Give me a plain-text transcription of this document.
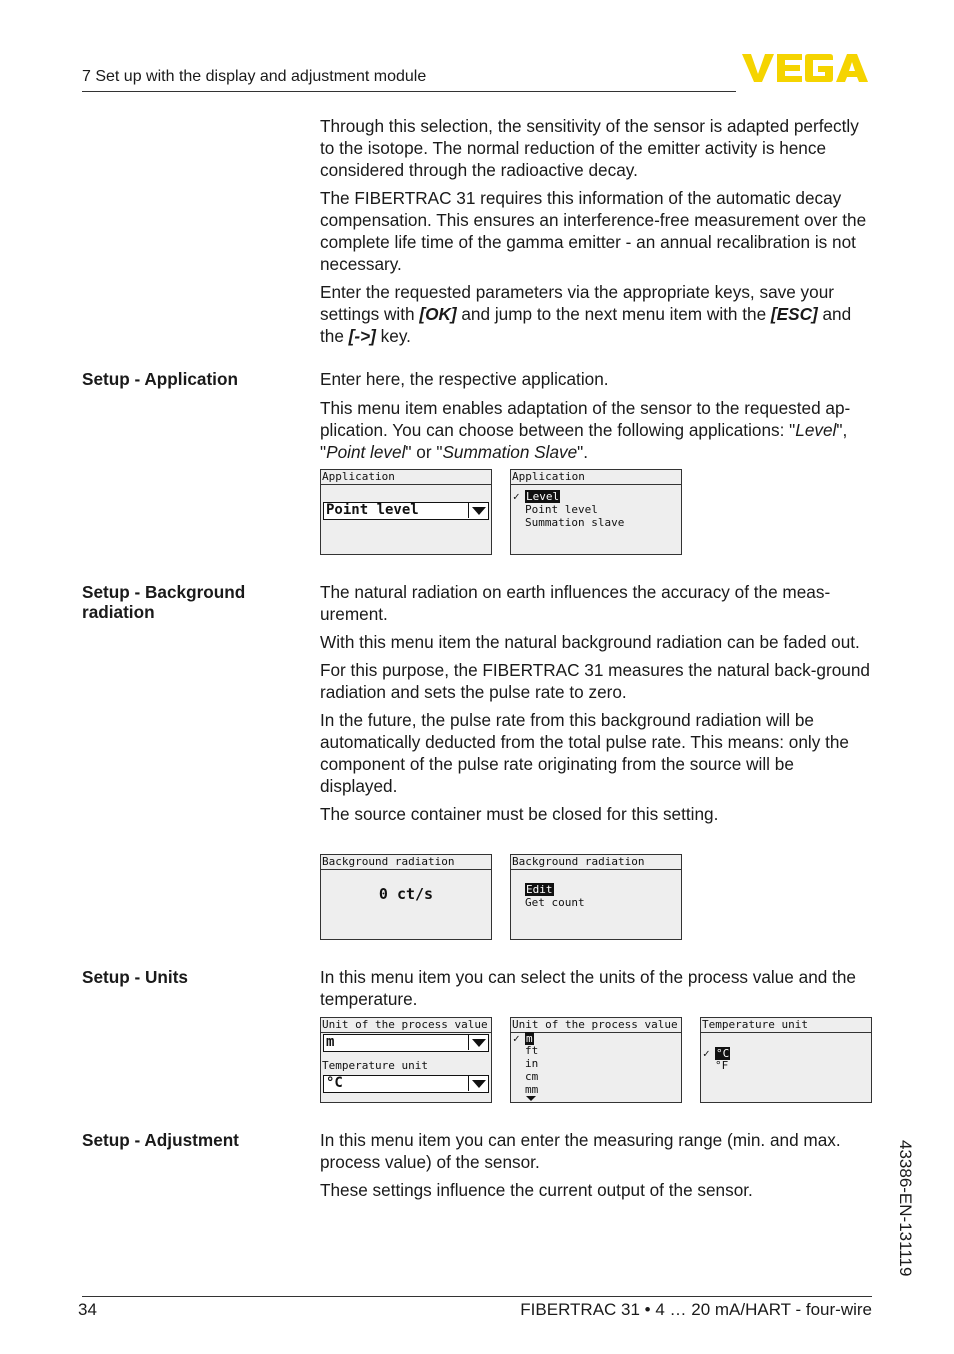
7 Set up with the display and adjustment module

Through this selection, the sensitivity of the sensor is adapted perfectly to the isotope. The normal reduction of the emitter activity is hence considered through the radioactive decay.

The FIBERTRAC 31 requires this information of the automatic decay compensation. This ensures an interference-free measurement over the complete life time of the gamma emitter - an annual recalibration is not necessary.

Enter the requested parameters via the appropriate keys, save your settings with [OK] and jump to the next menu item with the [ESC] and the [->] key.

Setup - Application	Enter here, the respective application.

This menu item enables adaptation of the sensor to the requested ap-plication. You can choose between the following applications: "Level", "Point level" or "Summation Slave".

Application
Point level
Application
✓ Level
Point level
Summation slave
Setup - Background
radiation

The natural radiation on earth influences the accuracy of the meas-urement.

With this menu item the natural background radiation can be faded out.

For this purpose, the FIBERTRAC 31 measures the natural back-ground radiation and sets the pulse rate to zero.

In the future, the pulse rate from this background radiation will be automatically deducted from the total pulse rate. This means: only the component of the pulse rate originating from the source will be displayed.

The source container must be closed for this setting.

Background radiation
0 ct/s
Background radiation
Edit
Get count
Setup - Units	In this menu item you can select the units of the process value and the temperature.

Unit of the process value
m
Temperature unit
°C
Unit of the process value
✓ m
ft
in
cm
mm
Temperature unit
✓ °C
°F
Setup - Adjustment	In this menu item you can enter the measuring range (min. and max. process value) of the sensor.

These settings influence the current output of the sensor.	43386-EN-131119
34	FIBERTRAC 31 • 4 … 20 mA/HART - four-wire
